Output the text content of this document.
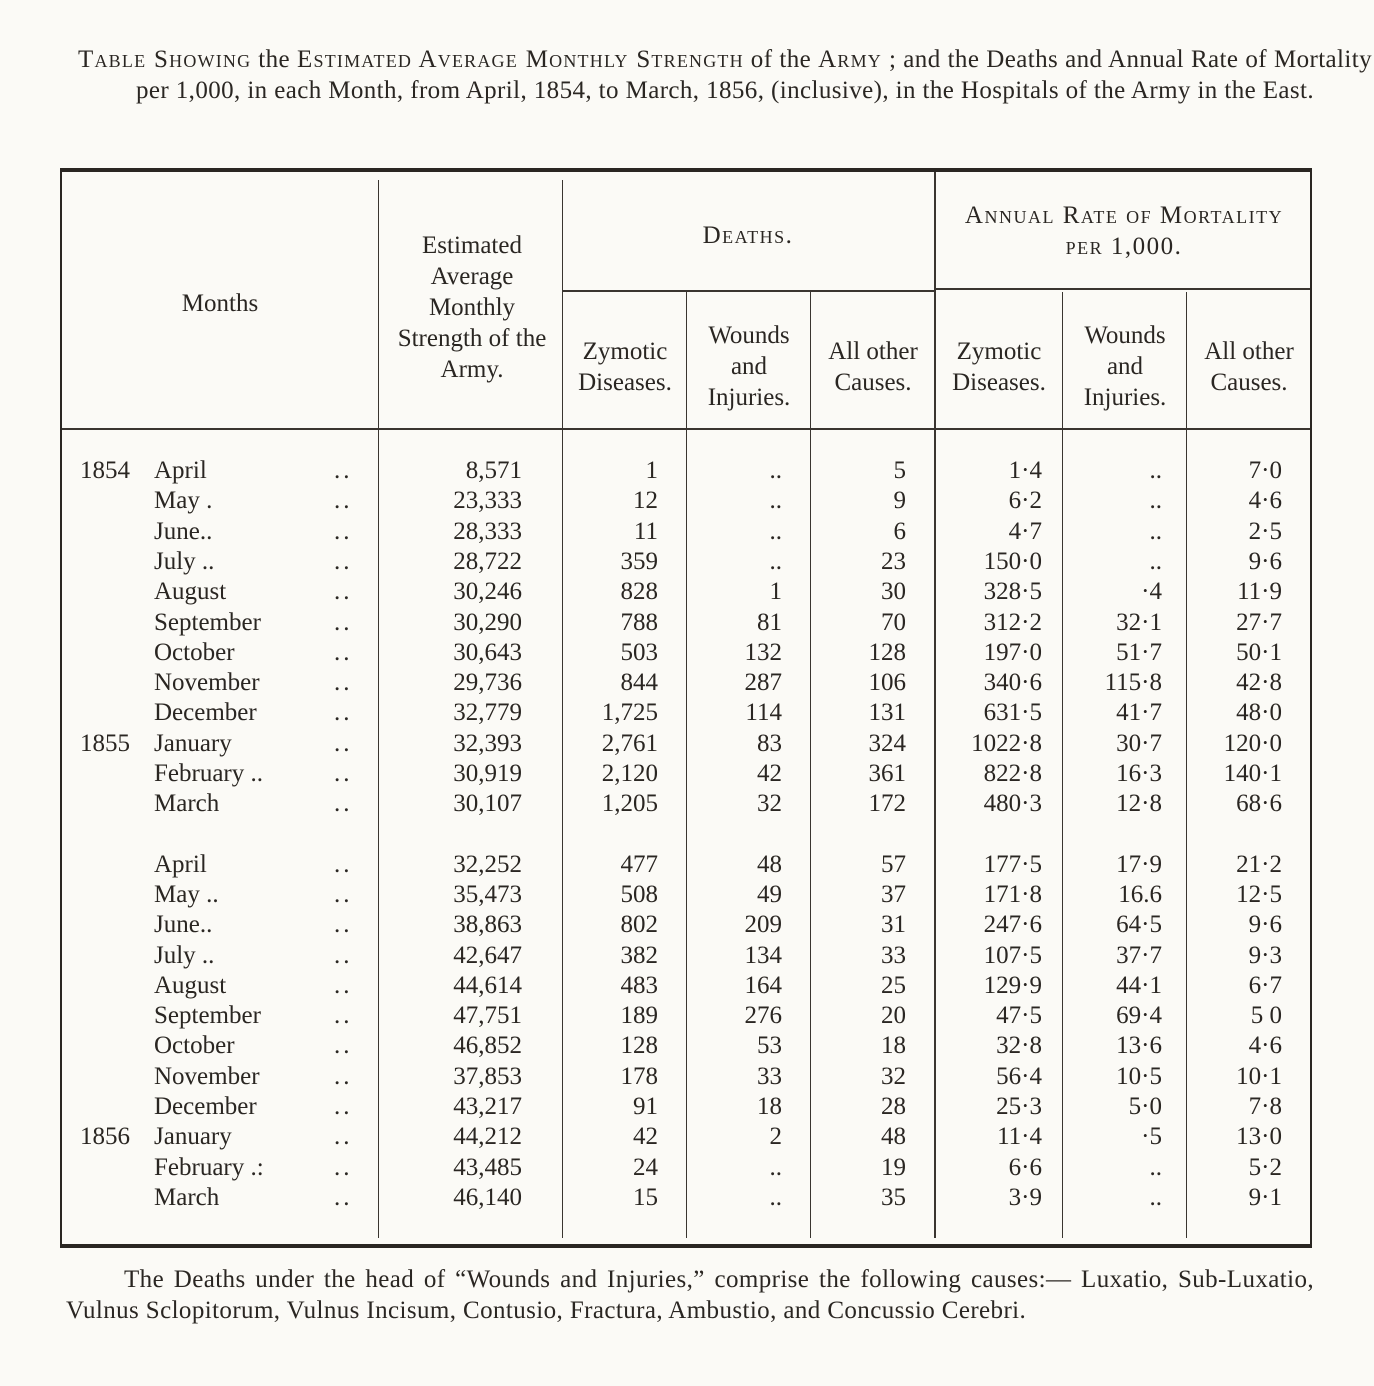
Table Showing the Estimated Average Monthly Strength of the Army ; and the Deaths and Annual Rate of Mortality per 1,000, in each Month, from April, 1854, to March, 1856, (inclusive), in the Hospitals of the Army in the East.
Months
Estimated Average Monthly Strength of the Army.
Deaths.
Annual Rate of Mortality per 1,000.
Zymotic Diseases.
Wounds and Injuries.
All other Causes.
Zymotic Diseases.
Wounds and Injuries.
All other Causes.
1854 April	..	8,571	1	..	5	1·4	..	7·0
May .	..	23,333	12	..	9	6·2	..	4·6
June..	..	28,333	11	..	6	4·7	..	2·5
July ..	..	28,722	359	..	23	150·0	..	9·6
August	..	30,246	828	1	30	328·5	·4	11·9
September	..	30,290	788	81	70	312·2	32·1	27·7
October	..	30,643	503	132	128	197·0	51·7	50·1
November	..	29,736	844	287	106	340·6	115·8	42·8
December	..	32,779	1,725	114	131	631·5	41·7	48·0
1855 January	..	32,393	2,761	83	324	1022·8	30·7 120·0
February ..	..	30,919	2,120	42	361	822·8	16·3 140·1
March	..	30,107	1,205	32	172	480·3	12·8	68·6
April	..	32,252	477	48	57	177·5	17·9	21·2
May ..	..	35,473	508	49	37	171·8	16.6	12·5
June..	..	38,863	802	209	31	247·6	64·5	9·6
July ..	..	42,647	382	134	33	107·5	37·7	9·3
August	..	44,614	483	164	25	129·9	44·1	6·7
September	..	47,751	189	276	20	47·5	69·4	5 0
October	..	46,852	128	53	18	32·8	13·6	4·6
November	..	37,853	178	33	32	56·4	10·5	10·1
December	..	43,217	91	18	28	25·3	5·0	7·8
1856 January	..	44,212	42	2	48	11·4	·5	13·0
February .:	..	43,485	24	..	19	6·6	..	5·2
March	..	46,140	15	..	35	3·9	..	9·1
The Deaths under the head of “Wounds and Injuries,” comprise the following causes:— Luxatio, Sub-Luxatio, Vulnus Sclopitorum, Vulnus Incisum, Contusio, Fractura, Ambustio, and Concussio Cerebri.
